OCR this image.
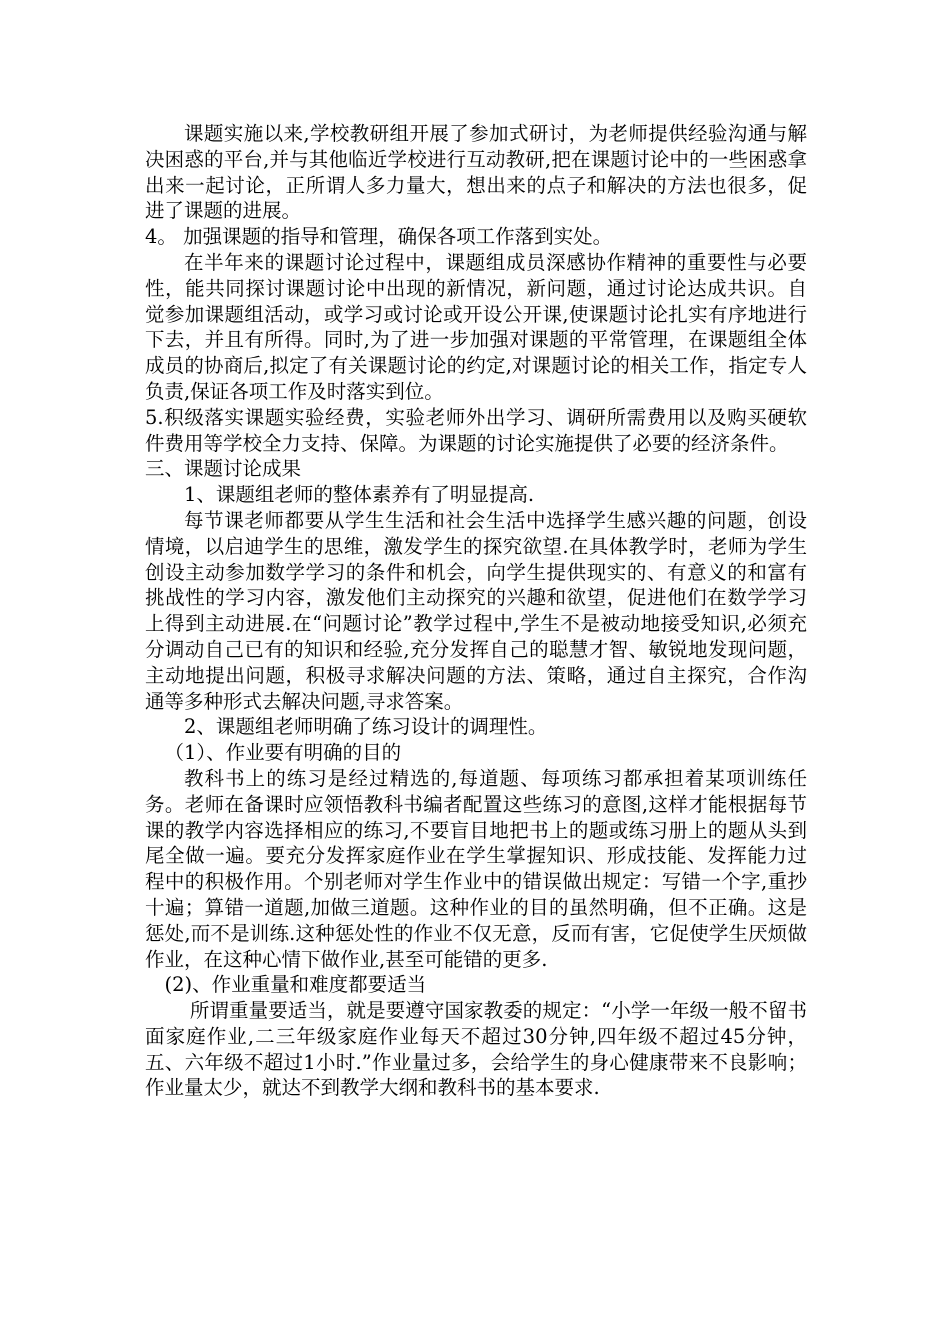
课题实施以来,学校教研组开展了参加式研讨，为老师提供经验沟通与解决困惑的平台,并与其他临近学校进行互动教研,把在课题讨论中的一些困惑拿出来一起讨论，正所谓人多力量大，想出来的点子和解决的方法也很多，促进了课题的进展。

4。 加强课题的指导和管理，确保各项工作落到实处。

在半年来的课题讨论过程中，课题组成员深感协作精神的重要性与必要性，能共同探讨课题讨论中出现的新情况，新问题，通过讨论达成共识。自觉参加课题组活动，或学习或讨论或开设公开课,使课题讨论扎实有序地进行下去，并且有所得。同时,为了进一步加强对课题的平常管理，在课题组全体成员的协商后,拟定了有关课题讨论的约定,对课题讨论的相关工作，指定专人负责,保证各项工作及时落实到位。

5.积级落实课题实验经费，实验老师外出学习、调研所需费用以及购买硬软件费用等学校全力支持、保障。为课题的讨论实施提供了必要的经济条件。

三、课题讨论成果

1、课题组老师的整体素养有了明显提高.

每节课老师都要从学生生活和社会生活中选择学生感兴趣的问题，创设情境，以启迪学生的思维，激发学生的探究欲望.在具体教学时，老师为学生创设主动参加数学学习的条件和机会，向学生提供现实的、有意义的和富有挑战性的学习内容，激发他们主动探究的兴趣和欲望，促进他们在数学学习上得到主动进展.在“问题讨论”教学过程中,学生不是被动地接受知识,必须充分调动自己已有的知识和经验,充分发挥自己的聪慧才智、敏锐地发现问题，主动地提出问题，积极寻求解决问题的方法、策略，通过自主探究，合作沟通等多种形式去解决问题,寻求答案。

2、课题组老师明确了练习设计的调理性。

（1）、作业要有明确的目的

教科书上的练习是经过精选的,每道题、每项练习都承担着某项训练任务。老师在备课时应领悟教科书编者配置这些练习的意图,这样才能根据每节课的教学内容选择相应的练习,不要盲目地把书上的题或练习册上的题从头到尾全做一遍。要充分发挥家庭作业在学生掌握知识、形成技能、发挥能力过程中的积极作用。个别老师对学生作业中的错误做出规定：写错一个字,重抄十遍；算错一道题,加做三道题。这种作业的目的虽然明确，但不正确。这是惩处,而不是训练.这种惩处性的作业不仅无意，反而有害，它促使学生厌烦做作业，在这种心情下做作业,甚至可能错的更多.

(2)、作业重量和难度都要适当

所谓重量要适当，就是要遵守国家教委的规定：“小学一年级一般不留书面家庭作业,二三年级家庭作业每天不超过30分钟,四年级不超过45分钟，五、六年级不超过1小时.”作业量过多，会给学生的身心健康带来不良影响；作业量太少，就达不到教学大纲和教科书的基本要求.
